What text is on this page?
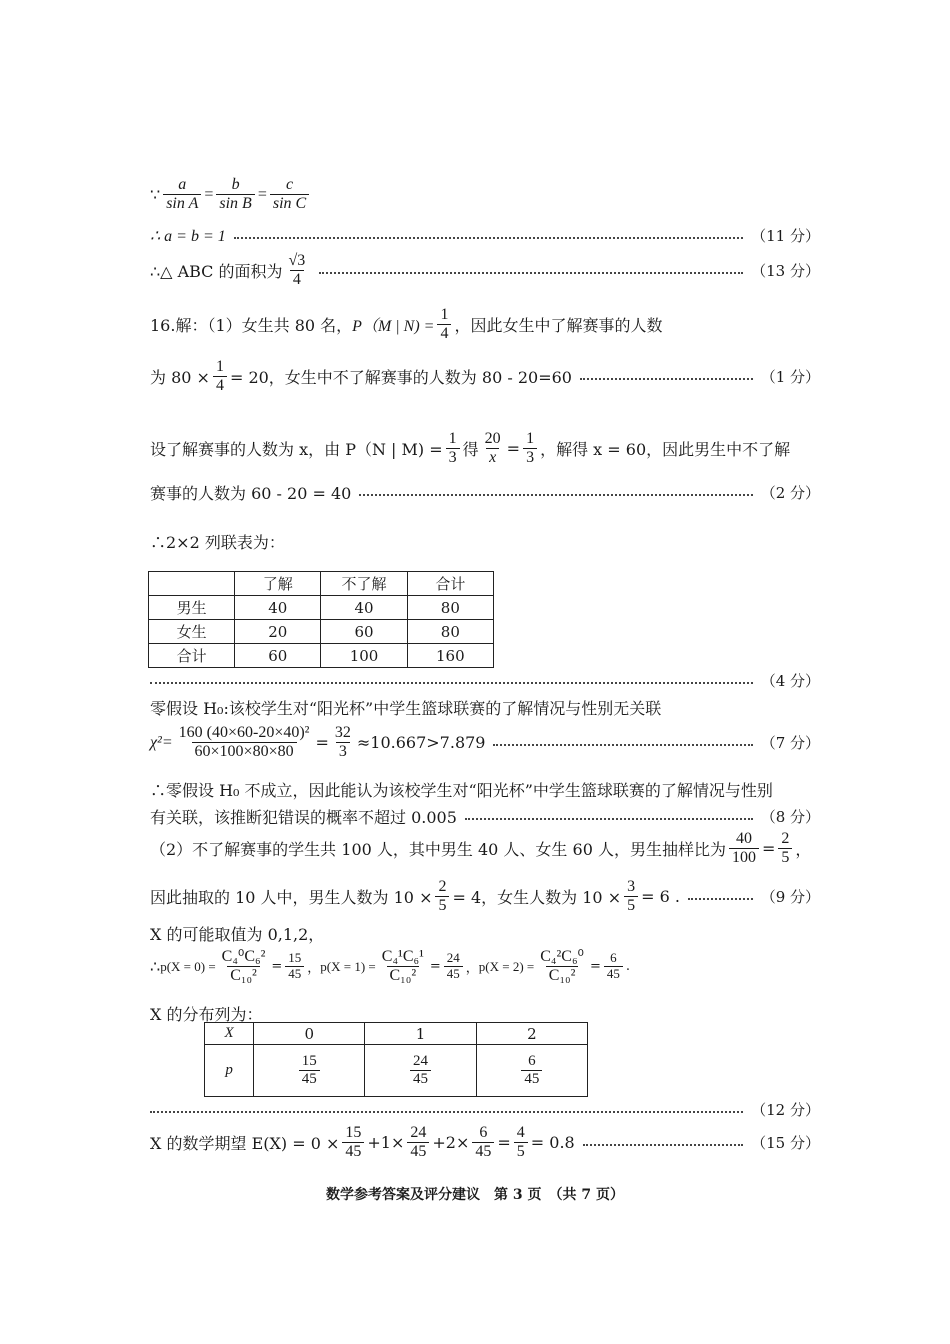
∵ $\frac{a}{\text{sin A}} = \frac{b}{\text{sin B}} = \frac{c}{\text{sin C}}$
∴ a = b = 1	（11 分）
∴△ ABC 的面积为 $\frac{√3}{4}$	（13 分）
16.解：（1）女生共 80 名， P（M | $N) = \frac{1}{4}$ ，因此女生中了解赛事的人数
为 $80 \times \frac{1}{4} = 20$，女生中不了解赛事的人数为 80 - 20=60	（1 分）
设了解赛事的人数为 x，由 P（N | $M) = \frac{1}{3}$ 得 $\frac{20}{x} = \frac{1}{3}$ ，解得 x = 60，因此男生中不了解
赛事的人数为 60 - 20 = 40	（2 分）
∴2×2 列联表为：
	了解	不了解	合计
男生	40	40	80
女生	20	60	80
合计	60	100	160
（4 分）
零假设 H₀:该校学生对“阳光杯”中学生篮球联赛的了解情况与性别无关联
$\chi^2= \frac{\text{160 (40×60-20×40)²}}{60\times 100\times 80\times 80} = \frac{32}{3} \approx 10.667>7.879$	（7 分）
∴零假设 H₀ 不成立，因此能认为该校学生对“阳光杯”中学生篮球联赛的了解情况与性别
有关联，该推断犯错误的概率不超过 0.005	（8 分）
（2）不了解赛事的学生共 100 人，其中男生 40 人、女生 60 人，男生抽样比为 $\frac{40}{100} = \frac{2}{5}$ ，
因此抽取的 10 人中，男生人数为 $10 \times \frac{2}{5} = 4$，女生人数为 $10 \times \frac{3}{5} = 6$ .	（9 分）
X 的可能取值为 0,1,2，
∴ $p(X = 0) = \frac{\text{C₄⁰C₆²}}{\text{C₁₀²}} = \frac{15}{45}$ ， $p(X = 1) = \frac{\text{C₄¹C₆¹}}{\text{C₁₀²}} = \frac{24}{45}$ ， $p(X = 2) = \frac{\text{C₄²C₆⁰}}{\text{C₁₀²}} = \frac{6}{45}$ .
X 的分布列为：
X	0	1	2
p	$\frac{15}{45}$	$\frac{24}{45}$	$\frac{6}{45}$
（12 分）
X 的数学期望 $E(X) = 0 \times \frac{15}{45} +1\times \frac{24}{45} +2\times \frac{6}{45} = \frac{4}{5} = 0.8$	（15 分）
数学参考答案及评分建议　第 3 页　（共 7 页）
